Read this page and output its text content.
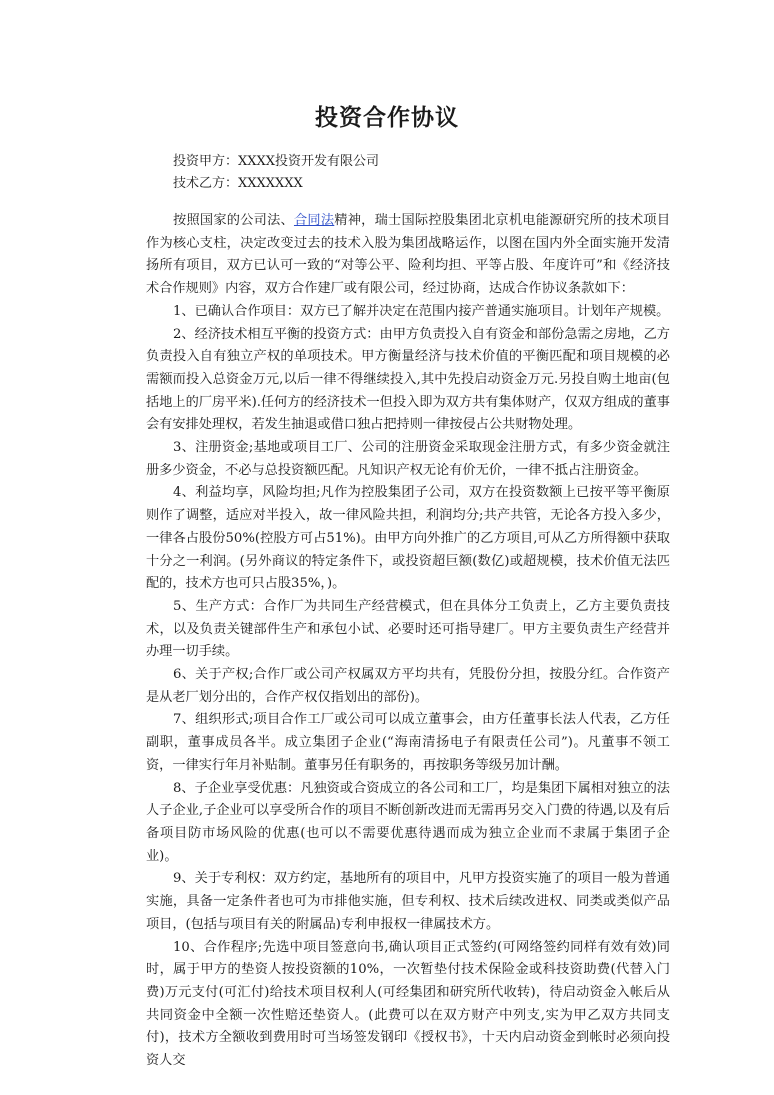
投资合作协议
投资甲方：XXXX投资开发有限公司
技术乙方：XXXXXXX

按照国家的公司法、合同法精神，瑞士国际控股集团北京机电能源研究所的技术项目作为核心支柱，决定改变过去的技术入股为集团战略运作，以图在国内外全面实施开发清扬所有项目，双方已认可一致的“对等公平、险利均担、平等占股、年度许可”和《经济技术合作规则》内容，双方合作建厂或有限公司，经过协商，达成合作协议条款如下：

1、已确认合作项目：双方已了解并决定在范围内接产普通实施项目。计划年产规模。

2、经济技术相互平衡的投资方式：由甲方负责投入自有资金和部份急需之房地，乙方负责投入自有独立产权的单项技术。甲方衡量经济与技术价值的平衡匹配和项目规模的必需额而投入总资金万元,以后一律不得继续投入,其中先投启动资金万元.另投自购土地亩(包括地上的厂房平米).任何方的经济技术一但投入即为双方共有集体财产，仅双方组成的董事会有安排处理权，若发生抽退或借口独占把持则一律按侵占公共财物处理。

3、注册资金;基地或项目工厂、公司的注册资金采取现金注册方式，有多少资金就注册多少资金，不必与总投资额匹配。凡知识产权无论有价无价，一律不抵占注册资金。

4、利益均享，风险均担;凡作为控股集团子公司，双方在投资数额上已按平等平衡原则作了调整，适应对半投入，故一律风险共担，利润均分;共产共管，无论各方投入多少，一律各占股份50%(控股方可占51%)。由甲方向外推广的乙方项目,可从乙方所得额中获取十分之一利润。(另外商议的特定条件下，或投资超巨额(数亿)或超规模，技术价值无法匹配的，技术方也可只占股35%，)。

5、生产方式：合作厂为共同生产经营模式，但在具体分工负责上，乙方主要负责技术，以及负责关键部件生产和承包小试、必要时还可指导建厂。甲方主要负责生产经营并办理一切手续。

6、关于产权;合作厂或公司产权属双方平均共有，凭股份分担，按股分红。合作资产是从老厂划分出的，合作产权仅指划出的部份)。

7、组织形式;项目合作工厂或公司可以成立董事会，由方任董事长法人代表，乙方任副职，董事成员各半。成立集团子企业(“海南清扬电子有限责任公司”)。凡董事不领工资，一律实行年月补贴制。董事另任有职务的，再按职务等级另加计酬。

8、子企业享受优惠：凡独资或合资成立的各公司和工厂，均是集团下属相对独立的法人子企业,子企业可以享受所合作的项目不断创新改进而无需再另交入门费的待遇,以及有后备项目防市场风险的优惠(也可以不需要优惠待遇而成为独立企业而不隶属于集团子企业)。

9、关于专利权：双方约定，基地所有的项目中，凡甲方投资实施了的项目一般为普通实施，具备一定条件者也可为市排他实施，但专利权、技术后续改进权、同类或类似产品项目，(包括与项目有关的附属品)专利申报权一律属技术方。

10、合作程序;先选中项目签意向书,确认项目正式签约(可网络签约同样有效有效)同时，属于甲方的垫资人按投资额的10%，一次暂垫付技术保险金或科技资助费(代替入门费)万元支付(可汇付)给技术项目权利人(可经集团和研究所代收转)，待启动资金入帐后从共同资金中全额一次性赔还垫资人。(此费可以在双方财产中列支,实为甲乙双方共同支付)，技术方全额收到费用时可当场签发钢印《授权书》，十天内启动资金到帐时必须向投资人交
